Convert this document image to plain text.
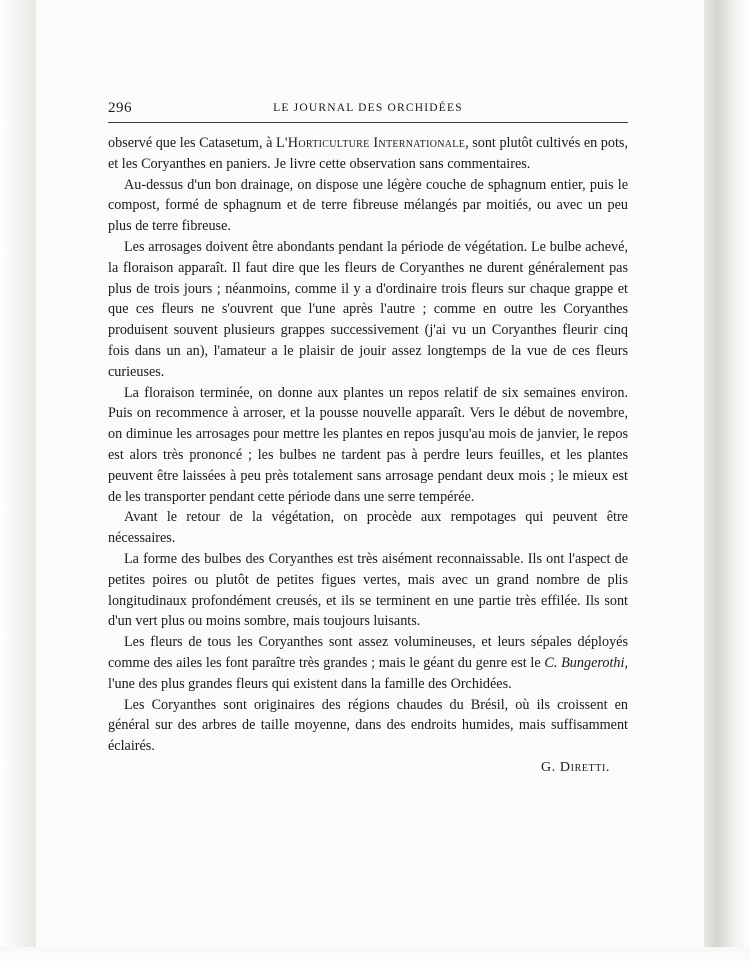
296	LE JOURNAL DES ORCHIDÉES

observé que les Catasetum, à L'Horticulture Internationale, sont plutôt cultivés en pots, et les Coryanthes en paniers. Je livre cette observation sans commentaires.

Au-dessus d'un bon drainage, on dispose une légère couche de sphagnum entier, puis le compost, formé de sphagnum et de terre fibreuse mélangés par moitiés, ou avec un peu plus de terre fibreuse.

Les arrosages doivent être abondants pendant la période de végétation. Le bulbe achevé, la floraison apparaît. Il faut dire que les fleurs de Coryanthes ne durent généralement pas plus de trois jours ; néanmoins, comme il y a d'ordinaire trois fleurs sur chaque grappe et que ces fleurs ne s'ouvrent que l'une après l'autre ; comme en outre les Coryanthes produisent souvent plusieurs grappes successivement (j'ai vu un Coryanthes fleurir cinq fois dans un an), l'amateur a le plaisir de jouir assez longtemps de la vue de ces fleurs curieuses.

La floraison terminée, on donne aux plantes un repos relatif de six semaines environ. Puis on recommence à arroser, et la pousse nouvelle apparaît. Vers le début de novembre, on diminue les arrosages pour mettre les plantes en repos jusqu'au mois de janvier, le repos est alors très prononcé ; les bulbes ne tardent pas à perdre leurs feuilles, et les plantes peuvent être laissées à peu près totalement sans arrosage pendant deux mois ; le mieux est de les transporter pendant cette période dans une serre tempérée.

Avant le retour de la végétation, on procède aux rempotages qui peuvent être nécessaires.

La forme des bulbes des Coryanthes est très aisément reconnaissable. Ils ont l'aspect de petites poires ou plutôt de petites figues vertes, mais avec un grand nombre de plis longitudinaux profondément creusés, et ils se terminent en une partie très effilée. Ils sont d'un vert plus ou moins sombre, mais toujours luisants.

Les fleurs de tous les Coryanthes sont assez volumineuses, et leurs sépales déployés comme des ailes les font paraître très grandes ; mais le géant du genre est le C. Bungerothi, l'une des plus grandes fleurs qui existent dans la famille des Orchidées.

Les Coryanthes sont originaires des régions chaudes du Brésil, où ils croissent en général sur des arbres de taille moyenne, dans des endroits humides, mais suffisamment éclairés.

G. Diretti.
